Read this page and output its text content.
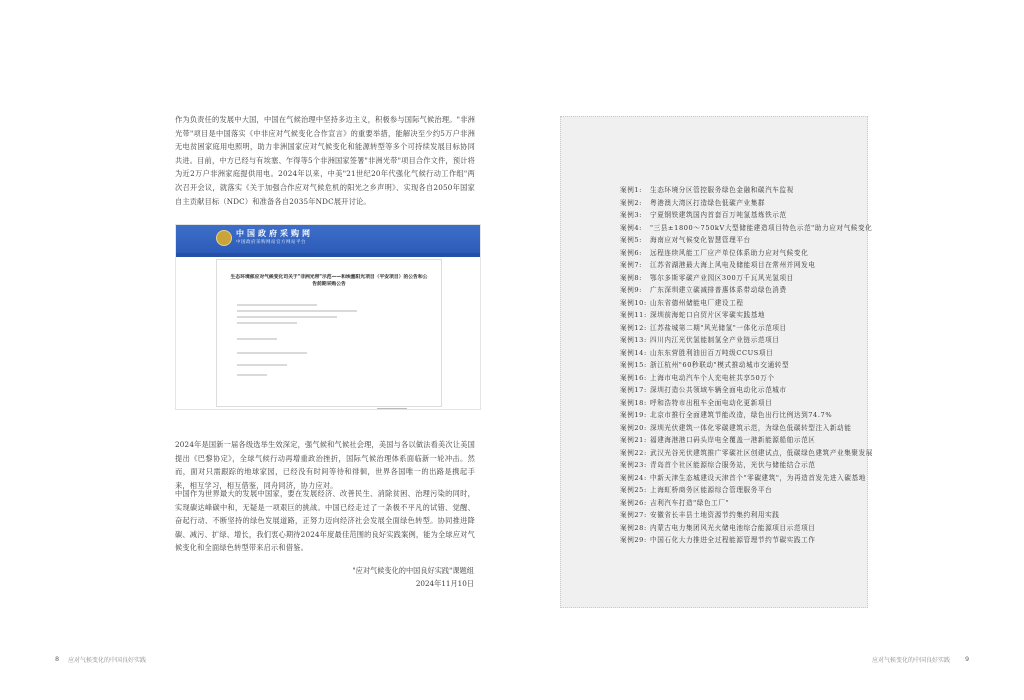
作为负责任的发展中大国，中国在气候治理中坚持多边主义，积极参与国际气候治理。"非洲光带"项目是中国落实《中非应对气候变化合作宣言》的重要举措，能解决至少约5万户非洲无电贫困家庭用电照明，助力非洲国家应对气候变化和能源转型等多个可持续发展目标协同共进。目前，中方已经与有埃塞、乍得等5个非洲国家签署"非洲光带"项目合作文件，预计将为近2万户非洲家庭提供用电。2024年以来，中美"21世纪20年代强化气候行动工作组"两次召开会议，就落实《关于加强合作应对气候危机的阳光之乡声明》、实现各自2050年国家自主贡献目标（NDC）和准备各自2035年NDC展开讨论。

中国政府采购网
中国政府采购网站官方网站平台
生态环境部应对气候变化司关于"非洲光带"示范——和埃塞阳光项目（平安项目）的公告和公告前期采购公告

2024年是国新一届各级选举生效深定，强气候和气候社会理，美国与各以做法看美次让美国提出《巴黎协定》，全球气候行动再增重政治挫折，国际气候治理体系面临新一轮冲击。然而，面对只需跟踪的地球家园，已经没有时间等待和徘徊，世界各国唯一的出路是携起手来，相互学习，相互借鉴，同舟同济，协力应对。

中国作为世界最大的发展中国家，要在发展经济、改善民生、消除贫困、治理污染的同时，实现碳达峰碳中和，无疑是一项艰巨的挑战。中国已经走过了一条极不平凡的试错、觉醒、奋起行动、不断坚持的绿色发展道路，正努力迈向经济社会发展全面绿色转型。协同推进降碳、减污、扩绿、增长，我们衷心期待2024年度最佳范围的良好实践案例，能为全球应对气候变化和全面绿色转型带来启示和借鉴。

"应对气候变化的中国良好实践"课题组
2024年11月10日
案例1: 生态环境分区管控服务绿色金融和碳汽车监视
案例2: 粤港澳大湾区打造绿色低碳产业集群
案例3: 宁夏钢铁建筑国内首套百万吨氢基炼铁示范
案例4: "三县±1800～750kV大型储能建造项目特色示范"助力应对气候变化
案例5: 海南应对气候变化智慧管理平台
案例6: 远程连续风能工厂应产单位体系助力应对气候变化
案例7: 江苏省湖港最大海上风电及储能项目在常州并网发电
案例8: 鄂尔多斯零碳产业园区300万千瓦风光氢项目
案例9: 广东深圳建立碳减排普惠体系带动绿色消费
案例10: 山东省德州储能电厂建设工程
案例11: 深圳前海蛇口自贸片区零碳实践基地
案例12: 江苏盐城第二期"风光储氢"一体化示范项目
案例13: 四川内江光伏氢能制氢全产业链示范项目
案例14: 山东东营胜利油田百万吨级CCUS项目
案例15: 浙江杭州"60秒联动"模式推动城市交通转型
案例16: 上海市电动汽车个人充电桩共享50万个
案例17: 深圳打造公共领域车辆全面电动化示范城市
案例18: 呼和浩特市出租车全面电动化更新项目
案例19: 北京市推行全面建筑节能改造，绿色出行比例达到74.7%
案例20: 深圳光伏建筑一体化零碳建筑示范，为绿色低碳转型注入新动能
案例21: 福建海港港口码头岸电全覆盖一港新能源船舶示范区
案例22: 武汉光谷光伏建筑推广零碳社区创建试点，低碳绿色建筑产业集聚发展
案例23: 青岛首个社区能源综合服务站，光伏与储能结合示范
案例24: 中新天津生态城建设天津首个"零碳建筑"，为再造首发先进入碳基地
案例25: 上海虹桥商务区能源综合管理服务平台
案例26: 吉利汽车打造"绿色工厂"
案例27: 安徽省长丰县土地资源节约集约利用实践
案例28: 内蒙古电力集团风光火储电池综合能源项目示范项目
案例29: 中国石化大力推进全过程能源管理节约节碳实践工作
8 应对气候变化的中国良好实践	应对气候变化的中国良好实践 9
